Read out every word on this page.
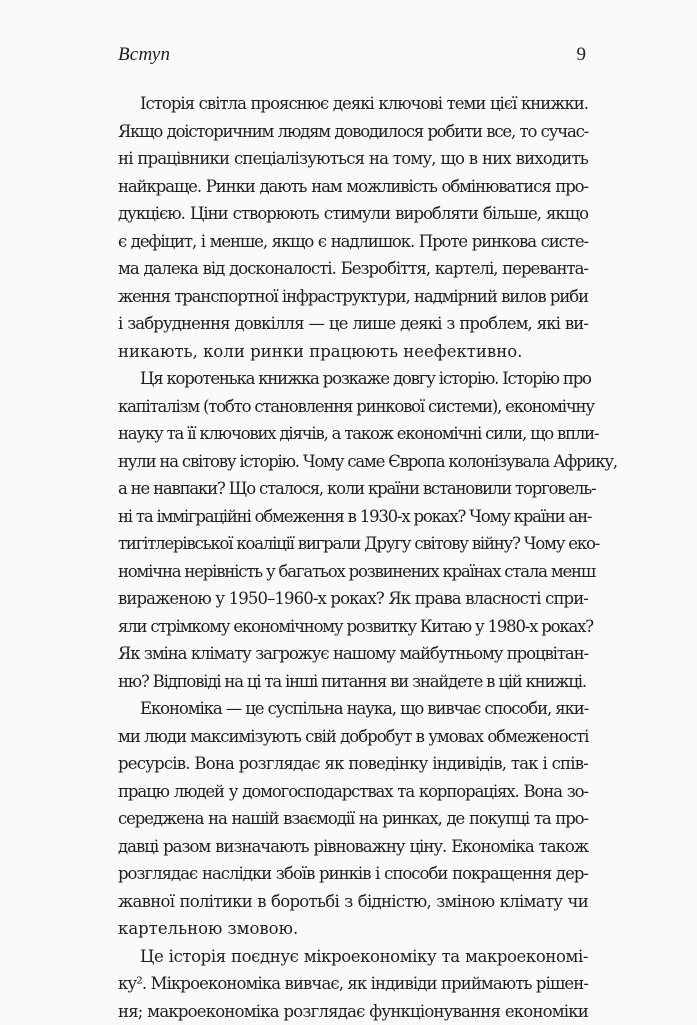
Вступ	9
Історія світла прояснює деякі ключові теми цієї книжки.
Якщо доісторичним людям доводилося робити все, то сучас-
ні працівники спеціалізуються на тому, що в них виходить
найкраще. Ринки дають нам можливість обмінюватися про-
дукцією. Ціни створюють стимули виробляти більше, якщо
є дефіцит, і менше, якщо є надлишок. Проте ринкова систе-
ма далека від досконалості. Безробіття, картелі, перевантa-
ження транспортної інфраструктури, надмірний вилов риби
і забруднення довкілля — це лише деякі з проблем, які ви-
никають, коли ринки працюють неефективно.
Ця коротенька книжка розкаже довгу історію. Історію про
капіталізм (тобто становлення ринкової системи), економічну
науку та її ключових діячів, а також економічні сили, що впли-
нули на світову історію. Чому саме Європа колонізувала Африку,
а не навпаки? Що сталося, коли країни встановили торговель-
ні та імміграційні обмеження в 1930-х роках? Чому країни ан-
тигітлерівської коаліції виграли Другу світову війну? Чому еко-
номічна нерівність у багатьох розвинених країнах стала менш
вираженою у 1950–1960-х роках? Як права власності спри-
яли стрімкому економічному розвитку Китаю у 1980-х роках?
Як зміна клімату загрожує нашому майбутньому процвітан-
ню? Відповіді на ці та інші питання ви знайдете в цій книжці.
Економіка — це суспільна наука, що вивчає способи, яки-
ми люди максимізують свій добробут в умовах обмеженості
ресурсів. Вона розглядає як поведінку індивідів, так і спів-
працю людей у домогосподарствах та корпораціях. Вона зо-
середжена на нашій взаємодії на ринках, де покупці та про-
давці разом визначають рівноважну ціну. Економіка також
розглядає наслідки збоїв ринків і способи покращення дер-
жавної політики в боротьбі з бідністю, зміною клімату чи
картельною змовою.
Це історія поєднує мікроекономіку та макроекономі-
ку². Мікроекономіка вивчає, як індивіди приймають рішен-
ня; макроекономіка розглядає функціонування економіки
